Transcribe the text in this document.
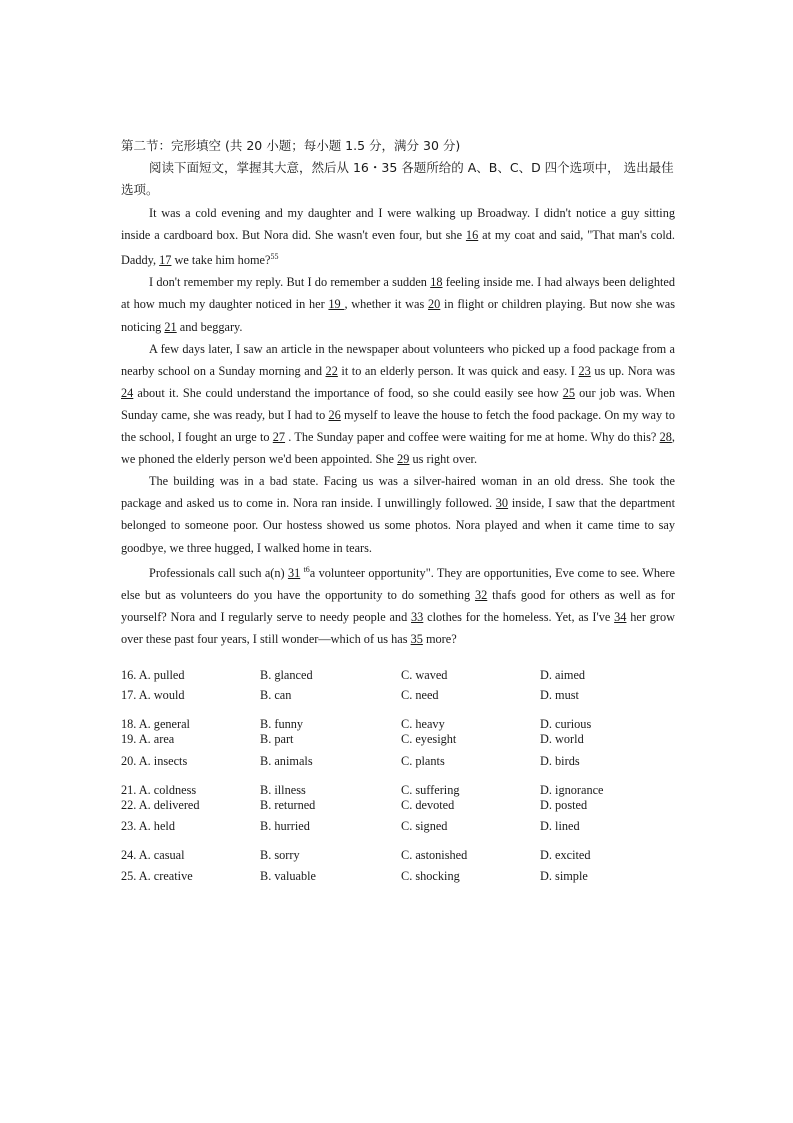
第二节：完形填空 (共 20 小题；每小题 1.5 分，满分 30 分)
阅读下面短文，掌握其大意，然后从 16・35 各题所给的 A、B、C、D 四个选项中， 选出最佳选项。

It was a cold evening and my daughter and I were walking up Broadway. I didn't notice a guy sitting inside a cardboard box. But Nora did. She wasn't even four, but she 16 at my coat and said, "That man's cold. Daddy, 17 we take him home?$^{55}$

I don't remember my reply. But I do remember a sudden 18 feeling inside me. I had always been delighted at how much my daughter noticed in her 19 , whether it was 20 in flight or children playing. But now she was noticing 21 and beggary.

A few days later, I saw an article in the newspaper about volunteers who picked up a food package from a nearby school on a Sunday morning and 22 it to an elderly person. It was quick and easy. I 23 us up. Nora was 24 about it. She could understand the importance of food, so she could easily see how 25 our job was. When Sunday came, she was ready, but I had to 26 myself to leave the house to fetch the food package. On my way to the school, I fought an urge to 27 . The Sunday paper and coffee were waiting for me at home. Why do this? 28, we phoned the elderly person we'd been appointed. She 29 us right over.

The building was in a bad state. Facing us was a silver-haired woman in an old dress. She took the package and asked us to come in. Nora ran inside. I unwillingly followed. 30 inside, I saw that the department belonged to someone poor. Our hostess showed us some photos. Nora played and when it came time to say goodbye, we three hugged, I walked home in tears.

Professionals call such a(n) 31 $^{t6}$a volunteer opportunity". They are opportunities, Eve come to see. Where else but as volunteers do you have the opportunity to do something 32 thafs good for others as well as for yourself? Nora and I regularly serve to needy people and 33 clothes for the homeless. Yet, as I've 34 her grow over these past four years, I still wonder—which of us has 35 more?

16. A. pulled	B. glanced	C. waved	D. aimed
17. A. would	B. can	C. need	D. must
18. A. general	B. funny	C. heavy	D. curious
19. A. area	B. part	C. eyesight	D. world
20. A. insects	B. animals	C. plants	D. birds
21. A. coldness	B. illness	C. suffering	D. ignorance
22. A. delivered	B. returned	C. devoted	D. posted
23. A. held	B. hurried	C. signed	D. lined
24. A. casual	B. sorry	C. astonished	D. excited
25. A. creative	B. valuable	C. shocking	D. simple
